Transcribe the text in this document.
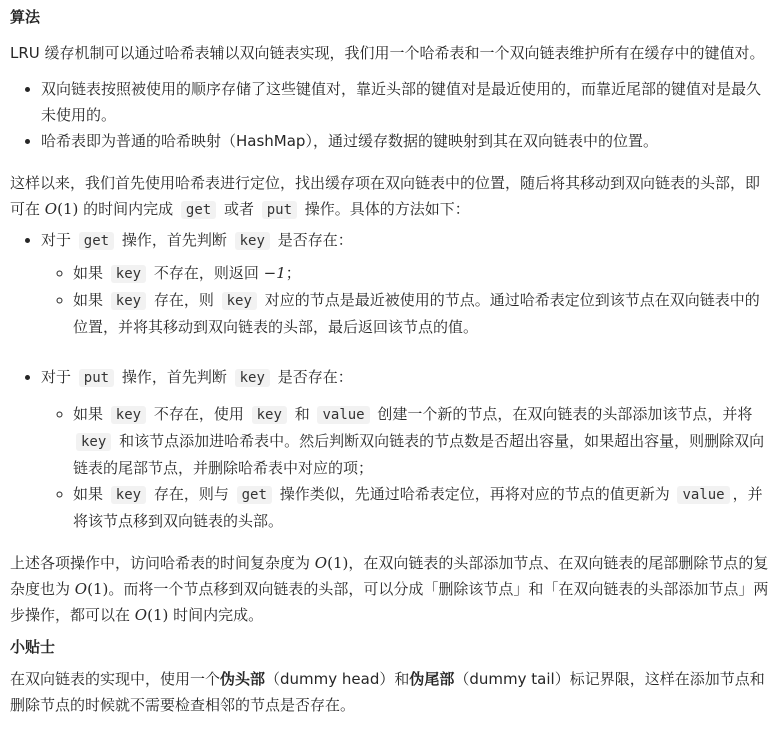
算法

LRU 缓存机制可以通过哈希表辅以双向链表实现，我们用一个哈希表和一个双向链表维护所有在缓存中的键值对。

• 双向链表按照被使用的顺序存储了这些键值对，靠近头部的键值对是最近使用的，而靠近尾部的键值对是最久未使用的。
• 哈希表即为普通的哈希映射（HashMap），通过缓存数据的键映射到其在双向链表中的位置。

这样以来，我们首先使用哈希表进行定位，找出缓存项在双向链表中的位置，随后将其移动到双向链表的头部，即可在 O(1) 的时间内完成 get 或者 put 操作。具体的方法如下：

• 对于 get 操作，首先判断 key 是否存在：
◦ 如果 key 不存在，则返回 −1；
◦ 如果 key 存在，则 key 对应的节点是最近被使用的节点。通过哈希表定位到该节点在双向链表中的位置，并将其移动到双向链表的头部，最后返回该节点的值。
• 对于 put 操作，首先判断 key 是否存在：
◦ 如果 key 不存在，使用 key 和 value 创建一个新的节点，在双向链表的头部添加该节点，并将 key 和该节点添加进哈希表中。然后判断双向链表的节点数是否超出容量，如果超出容量，则删除双向链表的尾部节点，并删除哈希表中对应的项；
◦ 如果 key 存在，则与 get 操作类似，先通过哈希表定位，再将对应的节点的值更新为 value ，并将该节点移到双向链表的头部。

上述各项操作中，访问哈希表的时间复杂度为 O(1)，在双向链表的头部添加节点、在双向链表的尾部删除节点的复杂度也为 O(1)。而将一个节点移到双向链表的头部，可以分成「删除该节点」和「在双向链表的头部添加节点」两步操作，都可以在 O(1) 时间内完成。

小贴士

在双向链表的实现中，使用一个伪头部（dummy head）和伪尾部（dummy tail）标记界限，这样在添加节点和删除节点的时候就不需要检查相邻的节点是否存在。
